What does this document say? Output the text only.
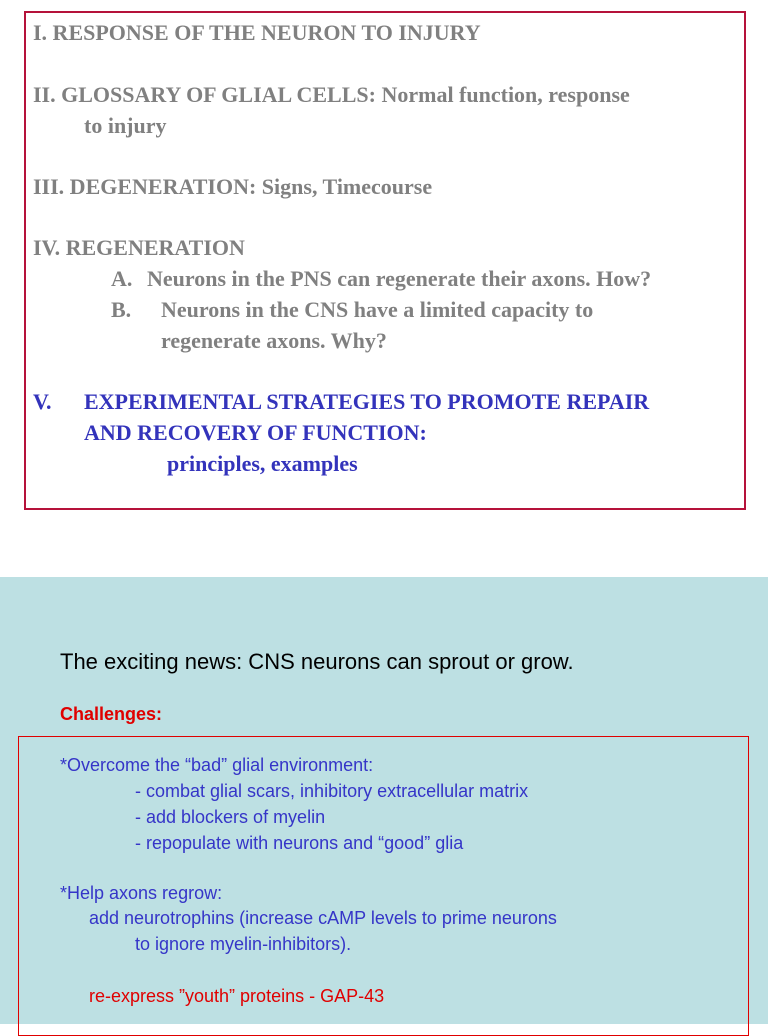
I. RESPONSE OF THE NEURON TO INJURY

II. GLOSSARY OF GLIAL CELLS: Normal function, response

to injury

III. DEGENERATION: Signs, Timecourse

IV. REGENERATION

A. Neurons in the PNS can regenerate their axons. How?

B. Neurons in the CNS have a limited capacity to

regenerate axons. Why?

V. EXPERIMENTAL STRATEGIES TO PROMOTE REPAIR

AND RECOVERY OF FUNCTION:

principles, examples

The exciting news: CNS neurons can sprout or grow.

Challenges:

*Overcome the “bad” glial environment:

- combat glial scars, inhibitory extracellular matrix

- add blockers of myelin

- repopulate with neurons and “good” glia

*Help axons regrow:

add neurotrophins (increase cAMP levels to prime neurons

to ignore myelin-inhibitors).

re-express ”youth” proteins - GAP-43
